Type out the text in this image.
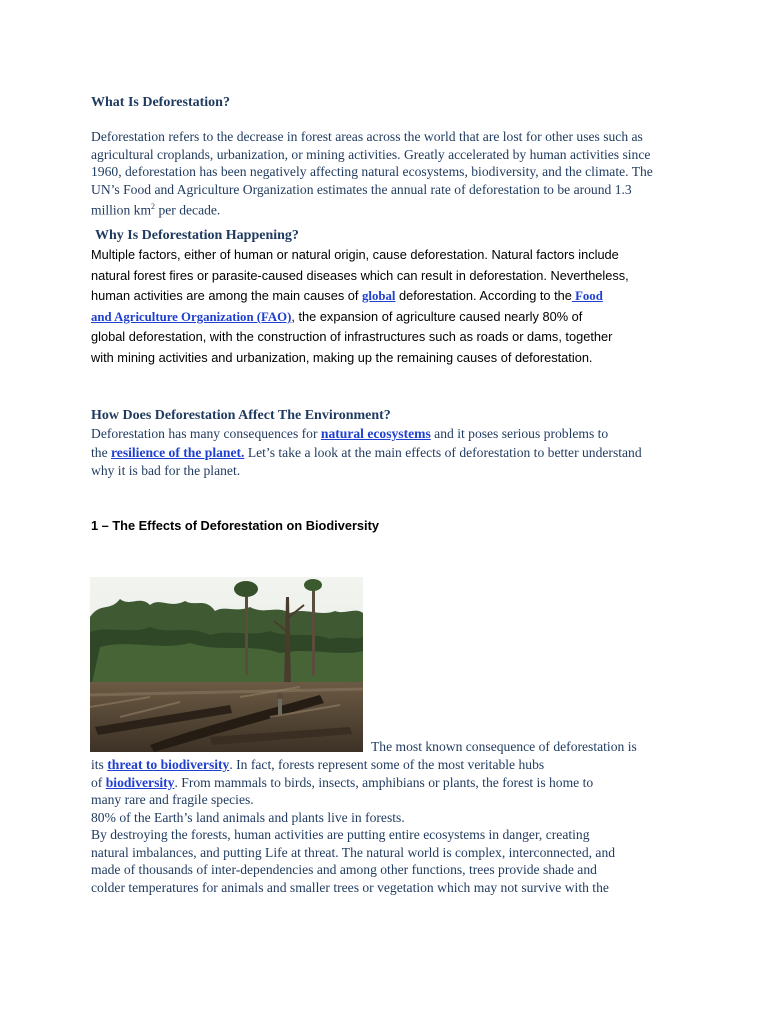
What Is Deforestation?
Deforestation refers to the decrease in forest areas across the world that are lost for other uses such as
agricultural croplands, urbanization, or mining activities. Greatly accelerated by human activities since
1960, deforestation has been negatively affecting natural ecosystems, biodiversity, and the climate. The
UN’s Food and Agriculture Organization estimates the annual rate of deforestation to be around 1.3
million $km^2$ per decade.
Why Is Deforestation Happening?
Multiple factors, either of human or natural origin, cause deforestation. Natural factors include
natural forest fires or parasite-caused diseases which can result in deforestation. Nevertheless,
human activities are among the main causes of global deforestation. According to the Food
and Agriculture Organization (FAO), the expansion of agriculture caused nearly 80% of
global deforestation, with the construction of infrastructures such as roads or dams, together
with mining activities and urbanization, making up the remaining causes of deforestation.
How Does Deforestation Affect The Environment?
Deforestation has many consequences for natural ecosystems and it poses serious problems to
the resilience of the planet. Let’s take a look at the main effects of deforestation to better understand
why it is bad for the planet.
1 – The Effects of Deforestation on Biodiversity
The most known consequence of deforestation is
its threat to biodiversity. In fact, forests represent some of the most veritable hubs
of biodiversity. From mammals to birds, insects, amphibians or plants, the forest is home to
many rare and fragile species.
80% of the Earth’s land animals and plants live in forests.
By destroying the forests, human activities are putting entire ecosystems in danger, creating
natural imbalances, and putting Life at threat. The natural world is complex, interconnected, and
made of thousands of inter-dependencies and among other functions, trees provide shade and
colder temperatures for animals and smaller trees or vegetation which may not survive with the
